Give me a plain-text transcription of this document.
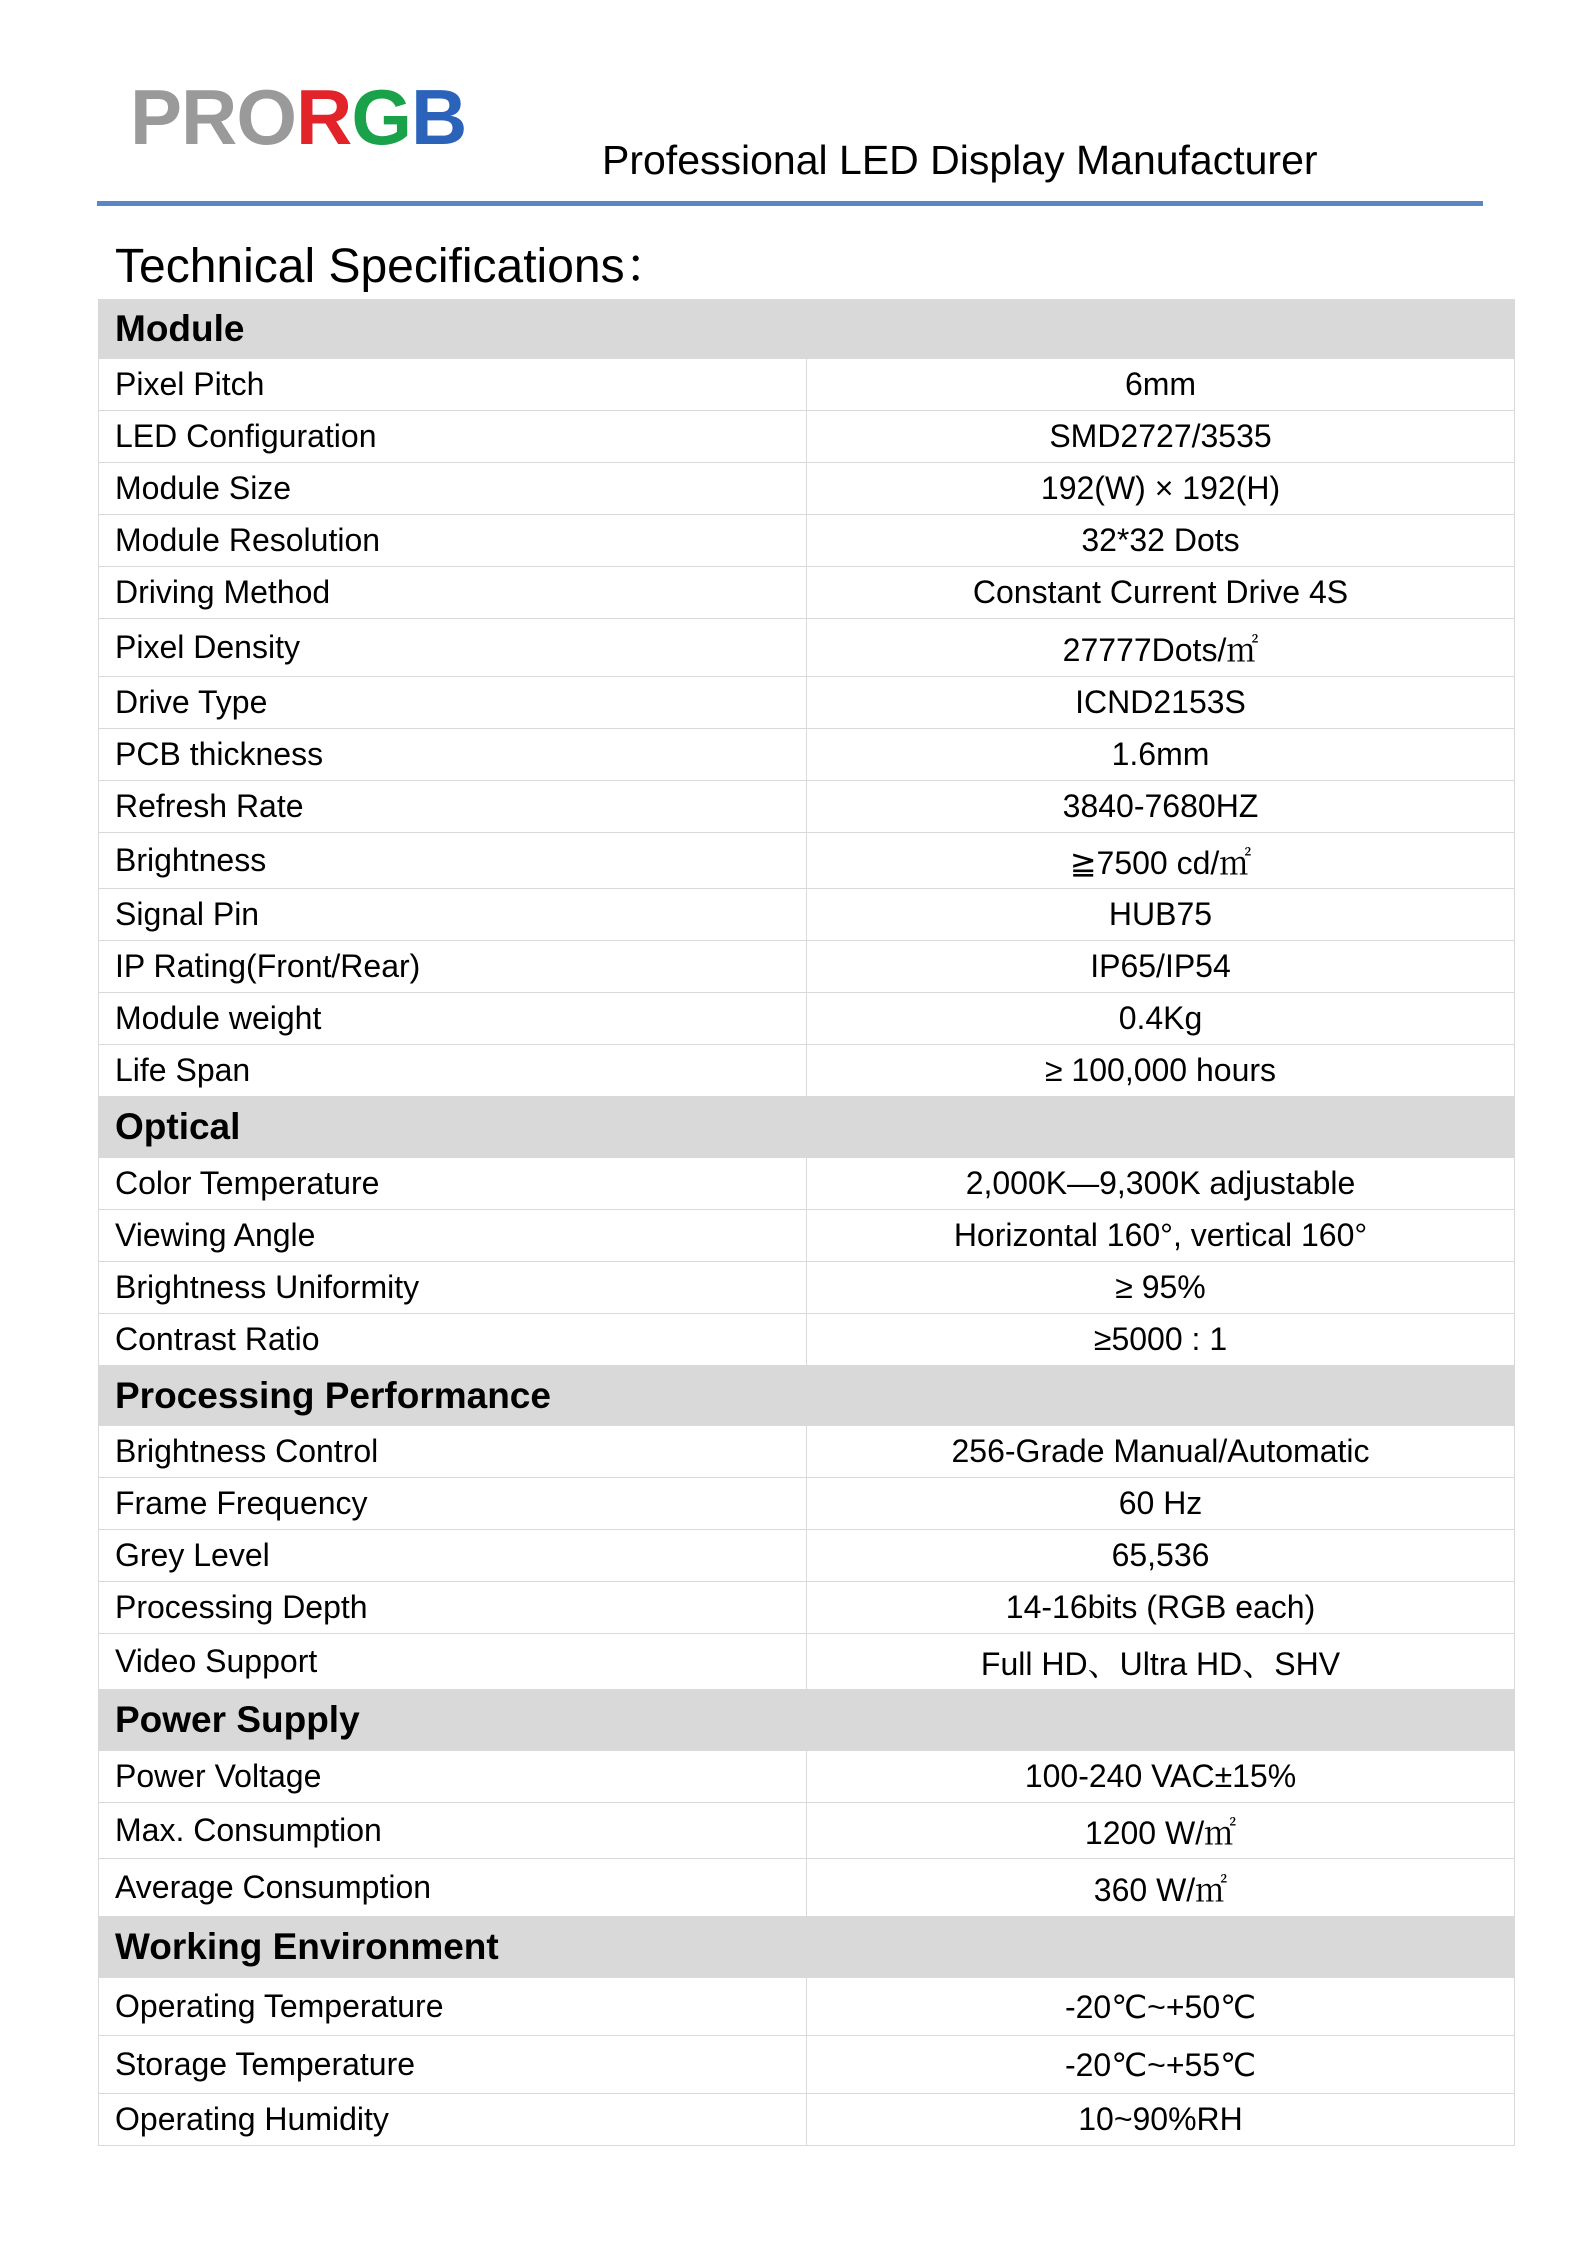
PRORGB	Professional LED Display Manufacturer
Technical Specifications：
Module	
Pixel Pitch	6mm
LED Configuration	SMD2727/3535
Module Size	192(W) × 192(H)
Module Resolution	32*32 Dots
Driving Method	Constant Current Drive 4S
Pixel Density	27777Dots/㎡
Drive Type	ICND2153S
PCB thickness	1.6mm
Refresh Rate	3840-7680HZ
Brightness	≧7500 cd/㎡
Signal Pin	HUB75
IP Rating(Front/Rear)	IP65/IP54
Module weight	0.4Kg
Life Span	≥ 100,000 hours
Optical	
Color Temperature	2,000K—9,300K adjustable
Viewing Angle	Horizontal 160°, vertical 160°
Brightness Uniformity	≥ 95%
Contrast Ratio	≥5000 : 1
Processing Performance	
Brightness Control	256-Grade Manual/Automatic
Frame Frequency	60 Hz
Grey Level	65,536
Processing Depth	14-16bits (RGB each)
Video Support	Full HD、Ultra HD、SHV
Power Supply	
Power Voltage	100-240 VAC±15%
Max. Consumption	1200 W/㎡
Average Consumption	360 W/㎡
Working Environment	
Operating Temperature	-20℃~+50℃
Storage Temperature	-20℃~+55℃
Operating Humidity	10~90%RH
